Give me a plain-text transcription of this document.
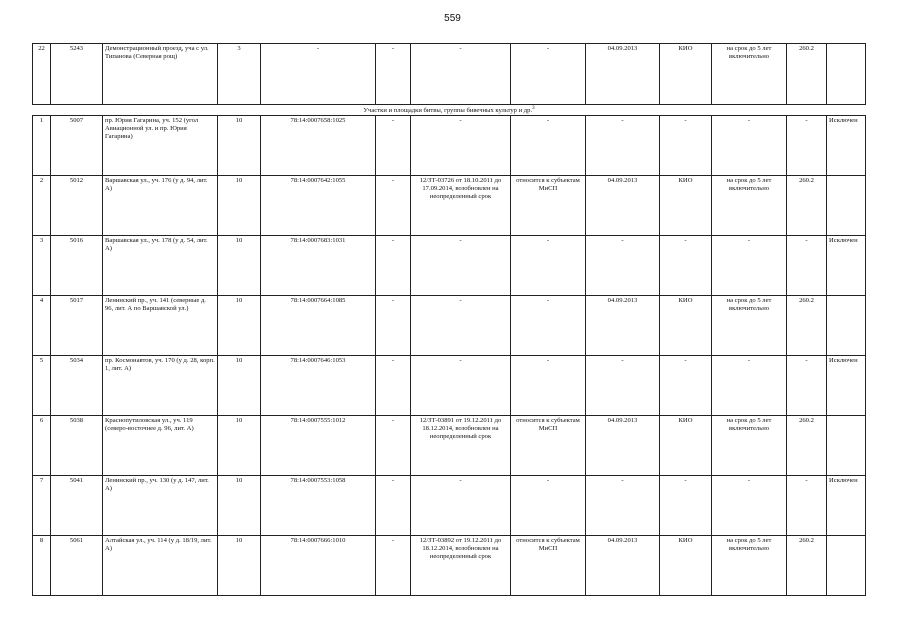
559
22	5243	Демонстрационный проезд, уча с ул. Типанова (Северная рощ)	3	-	-	-	-	04.09.2013	КИО	на срок до 5 лет включительно	260.2	
Участки и площадки битвы, группы бивечных культур и др.$^3$
1	5007	пр. Юрия Гагарина, уч. 152 (угол Авиационной ул. и пр. Юрия Гагарина)	10	78:14:0007658:1025	-	-	-	-	-	-	-	Исключен
2	5012	Варшавская ул., уч. 176 (у д. 94, лит. А)	10	78:14:0007642:1055	-	12/ЗТ-03726 от 18.10.2011 до 17.09.2014, возобновлен на неопределенный срок	относится к субъектам МиСП	04.09.2013	КИО	на срок до 5 лет включительно	260.2	
3	5016	Варшавская ул., уч. 178 (у д. 54, лит. А)	10	78:14:0007683:1031	-	-	-	-	-	-	-	Исключен
4	5017	Ленинский пр., уч. 141 (северные д. 96, лит. А по Варшавской ул.)	10	78:14:0007664:1085	-	-	-	04.09.2013	КИО	на срок до 5 лет включительно	260.2	
5	5034	пр. Космонавтов, уч. 170 (у д. 28, корп. 1, лит. А)	10	78:14:0007646:1053	-	-	-	-	-	-	-	Исключен
6	5038	Краснопутиловская ул., уч. 119 (северо-восточнее д. 96, лит. А)	10	78:14:0007555:1012	-	12/ЗТ-03891 от 19.12.2011 до 18.12.2014, возобновлен на неопределенный срок	относится к субъектам МиСП	04.09.2013	КИО	на срок до 5 лет включительно	260.2	
7	5041	Ленинский пр., уч. 130 (у д. 147, лит. А)	10	78:14:0007553:1058	-	-	-	-	-	-	-	Исключен
8	5061	Алтайская ул., уч. 114 (у д. 18/19, лит. А)	10	78:14:0007666:1010	-	12/ЗТ-03892 от 19.12.2011 до 18.12.2014, возобновлен на неопределенный срок	относится к субъектам МиСП	04.09.2013	КИО	на срок до 5 лет включительно	260.2	
